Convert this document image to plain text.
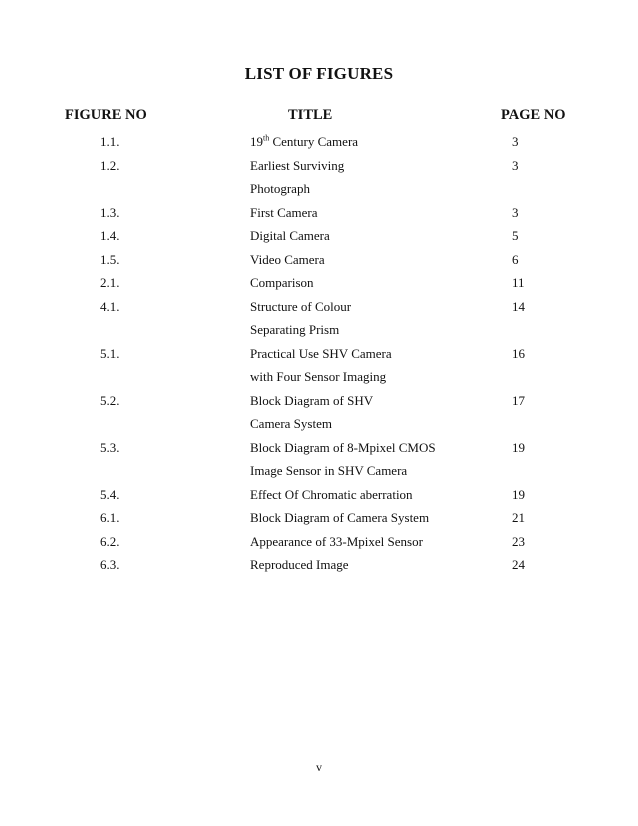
LIST OF FIGURES
FIGURE NO	TITLE	PAGE NO
1.1.	19th Century Camera	3
1.2.	Earliest Surviving	3
Photograph
1.3.	First Camera	3
1.4.	Digital Camera	5
1.5.	Video Camera	6
2.1.	Comparison	11
4.1.	Structure of Colour	14
Separating Prism
5.1.	Practical Use SHV Camera	16
with Four Sensor Imaging
5.2.	Block Diagram of SHV	17
Camera System
5.3.	Block Diagram of 8-Mpixel CMOS	19
Image Sensor in SHV Camera
5.4.	Effect Of Chromatic aberration	19
6.1.	Block Diagram of Camera System	21
6.2.	Appearance of 33-Mpixel Sensor	23
6.3.	Reproduced Image	24
v
